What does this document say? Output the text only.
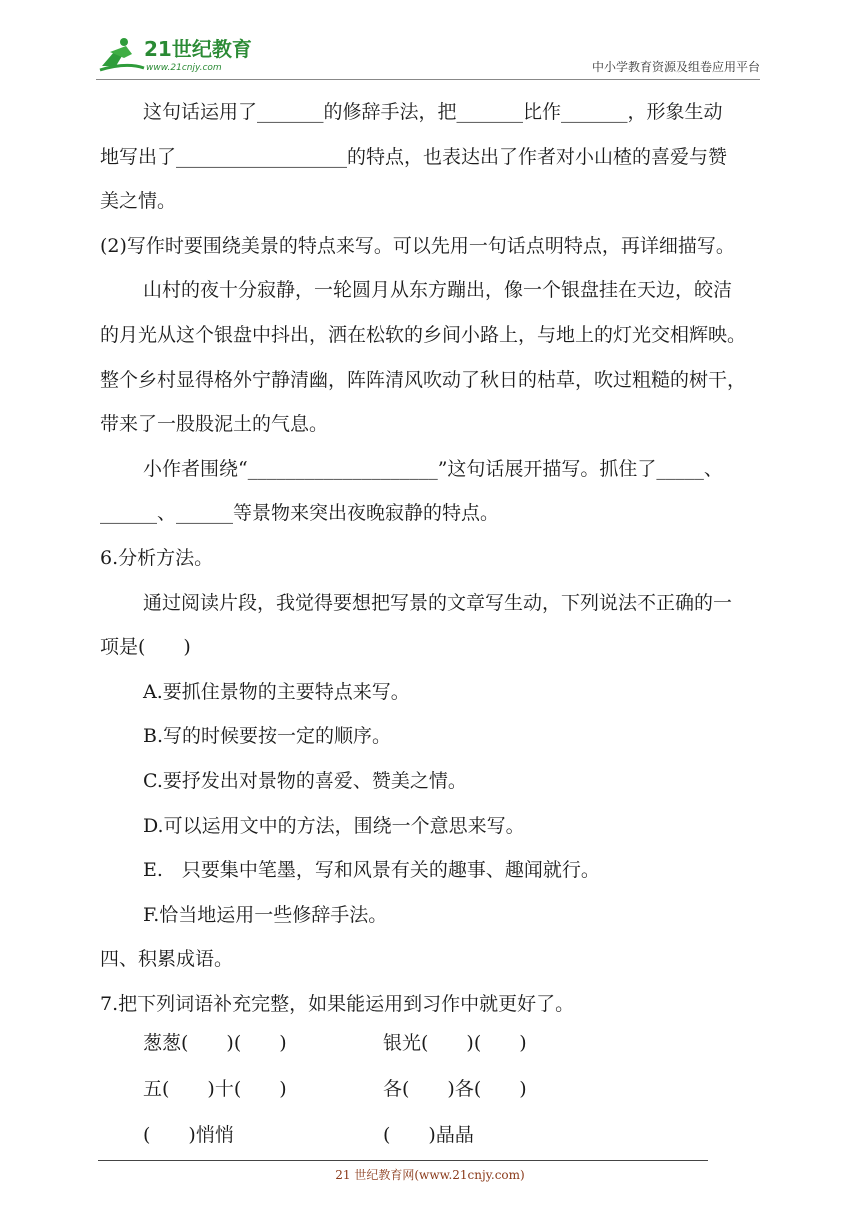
21世纪教育
www.21cnjy.com	中小学教育资源及组卷应用平台
这句话运用了_______的修辞手法，把_______比作_______，形象生动
地写出了__________________的特点，也表达出了作者对小山楂的喜爱与赞
美之情。
(2)写作时要围绕美景的特点来写。可以先用一句话点明特点，再详细描写。
山村的夜十分寂静，一轮圆月从东方蹦出，像一个银盘挂在天边，皎洁
的月光从这个银盘中抖出，洒在松软的乡间小路上，与地上的灯光交相辉映。
整个乡村显得格外宁静清幽，阵阵清风吹动了秋日的枯草，吹过粗糙的树干，
带来了一股股泥土的气息。
小作者围绕“____________________”这句话展开描写。抓住了_____、
______、______等景物来突出夜晚寂静的特点。
6.分析方法。
通过阅读片段，我觉得要想把写景的文章写生动，下列说法不正确的一
项是(　　)
A.要抓住景物的主要特点来写。
B.写的时候要按一定的顺序。
C.要抒发出对景物的喜爱、赞美之情。
D.可以运用文中的方法，围绕一个意思来写。
E.　只要集中笔墨，写和风景有关的趣事、趣闻就行。
F.恰当地运用一些修辞手法。
四、积累成语。
7.把下列词语补充完整，如果能运用到习作中就更好了。
葱葱(　　)(　　)	银光(　　)(　　)
五(　　)十(　　)	各(　　)各(　　)
21 世纪教育网(www.21cnjy.com)
(　　)悄悄	(　　)晶晶
